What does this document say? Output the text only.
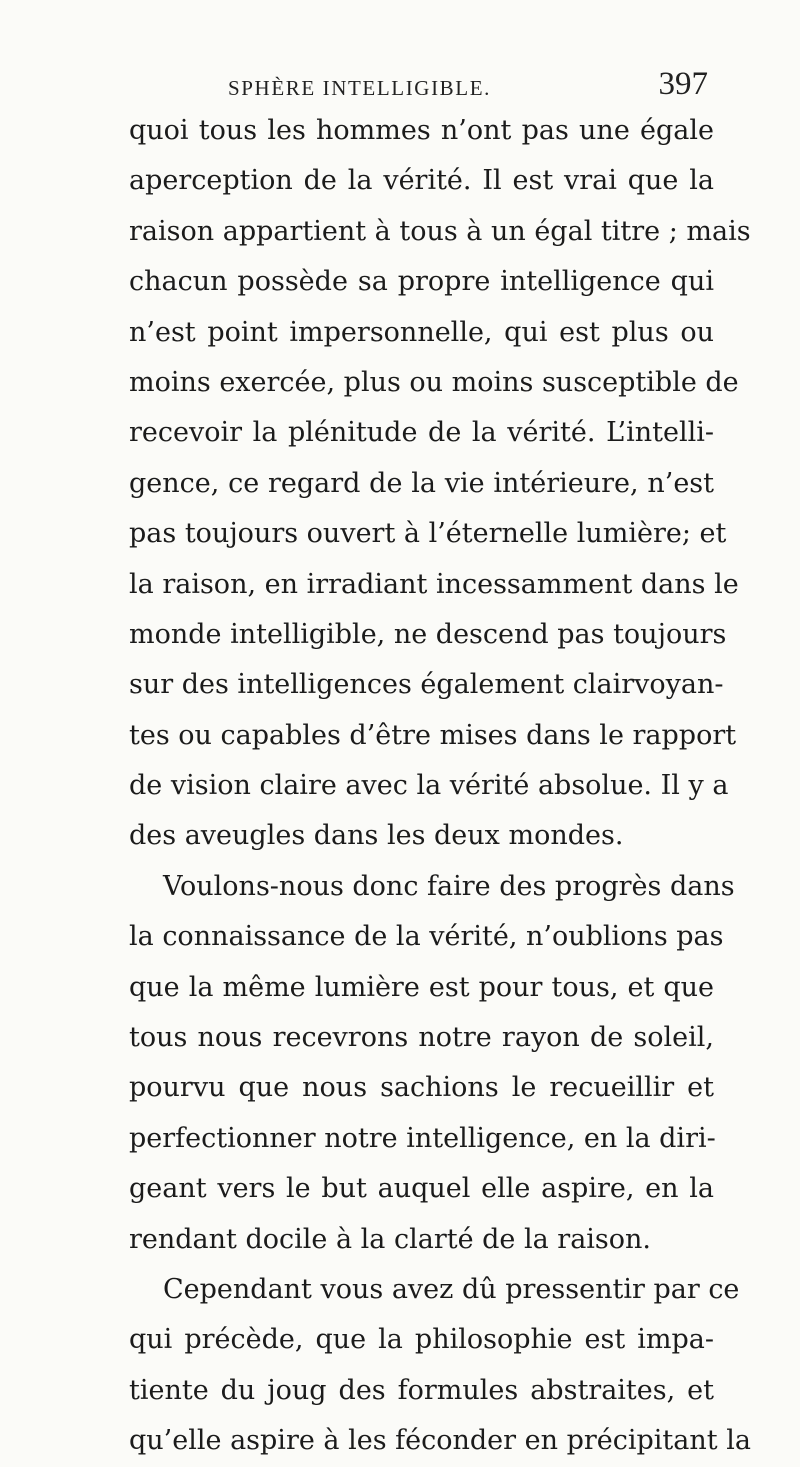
SPHÈRE INTELLIGIBLE.	397
quoi tous les hommes n’ont pas une égale
aperception de la vérité. Il est vrai que la
raison appartient à tous à un égal titre ; mais
chacun possède sa propre intelligence qui
n’est point impersonnelle, qui est plus ou
moins exercée, plus ou moins susceptible de
recevoir la plénitude de la vérité. L’intelli-
gence, ce regard de la vie intérieure, n’est
pas toujours ouvert à l’éternelle lumière; et
la raison, en irradiant incessamment dans le
monde intelligible, ne descend pas toujours
sur des intelligences également clairvoyan-
tes ou capables d’être mises dans le rapport
de vision claire avec la vérité absolue. Il y a
des aveugles dans les deux mondes.
Voulons-nous donc faire des progrès dans
la connaissance de la vérité, n’oublions pas
que la même lumière est pour tous, et que
tous nous recevrons notre rayon de soleil,
pourvu que nous sachions le recueillir et
perfectionner notre intelligence, en la diri-
geant vers le but auquel elle aspire, en la
rendant docile à la clarté de la raison.
Cependant vous avez dû pressentir par ce
qui précède, que la philosophie est impa-
tiente du joug des formules abstraites, et
qu’elle aspire à les féconder en précipitant la
